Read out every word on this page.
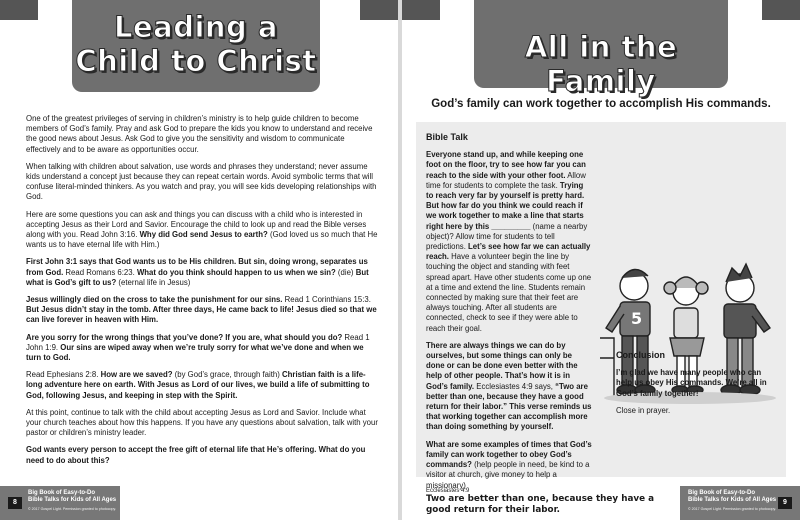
Leading a
Child to Christ

One of the greatest privileges of serving in children’s ministry is to help guide children to become members of God’s family. Pray and ask God to prepare the kids you know to understand and receive the good news about Jesus. Ask God to give you the sensitivity and wisdom to communicate effectively and to be aware as opportunities occur.

When talking with children about salvation, use words and phrases they understand; never assume kids understand a concept just because they can repeat certain words. Avoid symbolic terms that will confuse literal-minded thinkers. As you watch and pray, you will see kids developing relationships with God.

Here are some questions you can ask and things you can discuss with a child who is interested in accepting Jesus as their Lord and Savior. Encourage the child to look up and read the Bible verses along with you. Read John 3:16. Why did God send Jesus to earth? (God loved us so much that He wants us to have eternal life with Him.)

First John 3:1 says that God wants us to be His children. But sin, doing wrong, separates us from God. Read Romans 6:23. What do you think should happen to us when we sin? (die) But what is God’s gift to us? (eternal life in Jesus)

Jesus willingly died on the cross to take the punishment for our sins. Read 1 Corinthians 15:3. But Jesus didn’t stay in the tomb. After three days, He came back to life! Jesus died so that we can live forever in heaven with Him.

Are you sorry for the wrong things that you’ve done? If you are, what should you do? Read 1 John 1:9. Our sins are wiped away when we’re truly sorry for what we’ve done and when we turn to God.

Read Ephesians 2:8. How are we saved? (by God’s grace, through faith) Christian faith is a life-long adventure here on earth. With Jesus as Lord of our lives, we build a life of submitting to God, following Jesus, and keeping in step with the Spirit.

At this point, continue to talk with the child about accepting Jesus as Lord and Savior. Include what your church teaches about how this happens. If you have any questions about salvation, talk with your pastor or children’s ministry leader.

God wants every person to accept the free gift of eternal life that He’s offering. What do you need to do about this?

8
Big Book of Easy-to-Do
Bible Talks for Kids of All Ages
© 2017 Gospel Light. Permission granted to photocopy.
All in the Family
God’s family can work together to accomplish His commands.

Bible Talk

Everyone stand up, and while keeping one foot on the floor, try to see how far you can reach to the side with your other foot. Allow time for students to complete the task. Trying to reach very far by yourself is pretty hard. But how far do you think we could reach if we work together to make a line that starts right here by this _________ (name a nearby object)? Allow time for students to tell predictions. Let’s see how far we can actually reach. Have a volunteer begin the line by touching the object and standing with feet spread apart. Have other students come up one at a time and extend the line. Students remain connected by making sure that their feet are always touching. After all students are connected, check to see if they were able to reach their goal.

There are always things we can do by ourselves, but some things can only be done or can be done even better with the help of other people. That’s how it is in God’s family. Ecclesiastes 4:9 says, “Two are better than one, because they have a good return for their labor.” This verse reminds us that working together can accomplish more than doing something by yourself.

What are some examples of times that God’s family can work together to obey God’s commands? (help people in need, be kind to a visitor at church, give money to help a missionary)

5

Conclusion

I’m glad we have many people who can help us obey His commands. We’re all in God’s family together!

Close in prayer.

Ecclesiastes 4:9
Two are better than one, because they have a good return for their labor.
Big Book of Easy-to-Do
Bible Talks for Kids of All Ages
© 2017 Gospel Light. Permission granted to photocopy.
9
